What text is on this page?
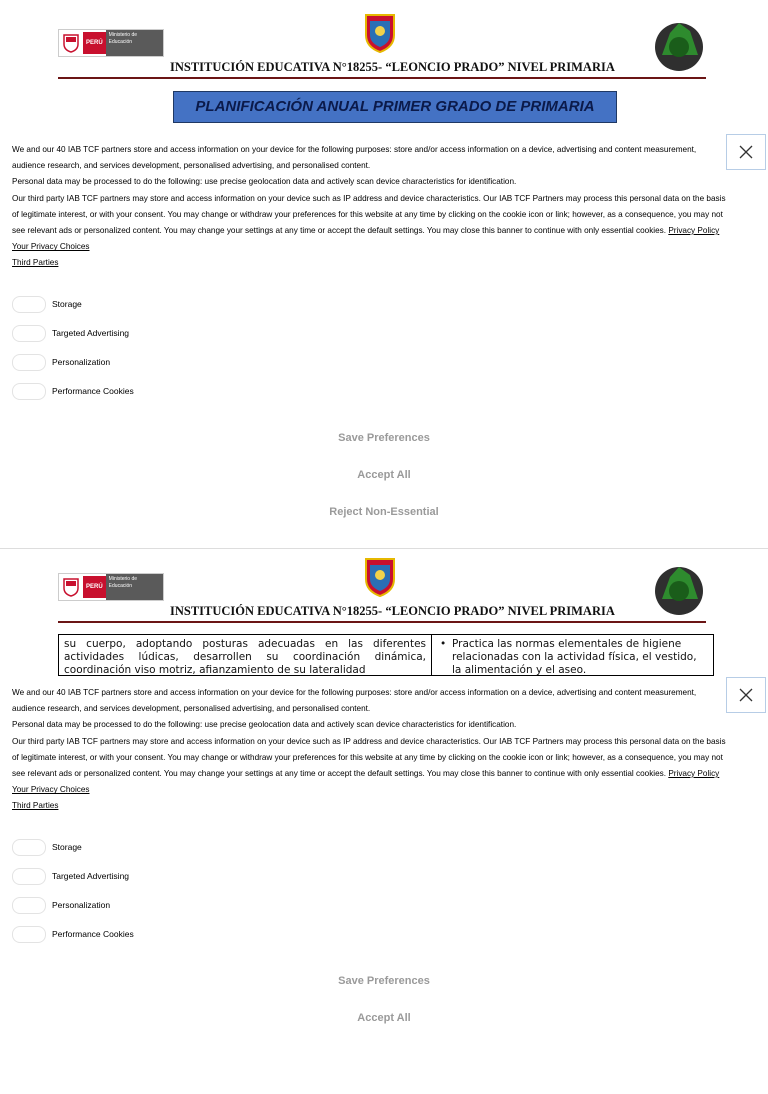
PERÚ
Ministerio de Educación
INSTITUCIÓN EDUCATIVA N°18255- “LEONCIO PRADO” NIVEL PRIMARIA
PLANIFICACIÓN ANUAL PRIMER GRADO DE PRIMARIA
PERÚ
Ministerio de Educación
INSTITUCIÓN EDUCATIVA N°18255- “LEONCIO PRADO” NIVEL PRIMARIA
su cuerpo, adoptando posturas adecuadas en las diferentes actividades lúdicas, desarrollen su coordinación dinámica, coordinación viso motriz, afianzamiento de su lateralidad
• Practica las normas elementales de higiene relacionadas con la actividad física, el vestido, la alimentación y el aseo.

We and our 40 IAB TCF partners store and access information on your device for the following purposes: store and/or access information on a device, advertising and content measurement, audience research, and services development, personalised advertising, and personalised content.

Personal data may be processed to do the following: use precise geolocation data and actively scan device characteristics for identification.

Our third party IAB TCF partners may store and access information on your device such as IP address and device characteristics. Our IAB TCF Partners may process this personal data on the basis of legitimate interest, or with your consent. You may change or withdraw your preferences for this website at any time by clicking on the cookie icon or link; however, as a consequence, you may not see relevant ads or personalized content. You may change your settings at any time or accept the default settings. You may close this banner to continue with only essential cookies. Privacy Policy

Your Privacy Choices

Third Parties

Storage
Targeted Advertising
Personalization
Performance Cookies
Save Preferences
Accept All
Reject Non-Essential

We and our 40 IAB TCF partners store and access information on your device for the following purposes: store and/or access information on a device, advertising and content measurement, audience research, and services development, personalised advertising, and personalised content.

Personal data may be processed to do the following: use precise geolocation data and actively scan device characteristics for identification.

Our third party IAB TCF partners may store and access information on your device such as IP address and device characteristics. Our IAB TCF Partners may process this personal data on the basis of legitimate interest, or with your consent. You may change or withdraw your preferences for this website at any time by clicking on the cookie icon or link; however, as a consequence, you may not see relevant ads or personalized content. You may change your settings at any time or accept the default settings. You may close this banner to continue with only essential cookies. Privacy Policy

Your Privacy Choices

Third Parties

Storage
Targeted Advertising
Personalization
Performance Cookies
Save Preferences
Accept All
